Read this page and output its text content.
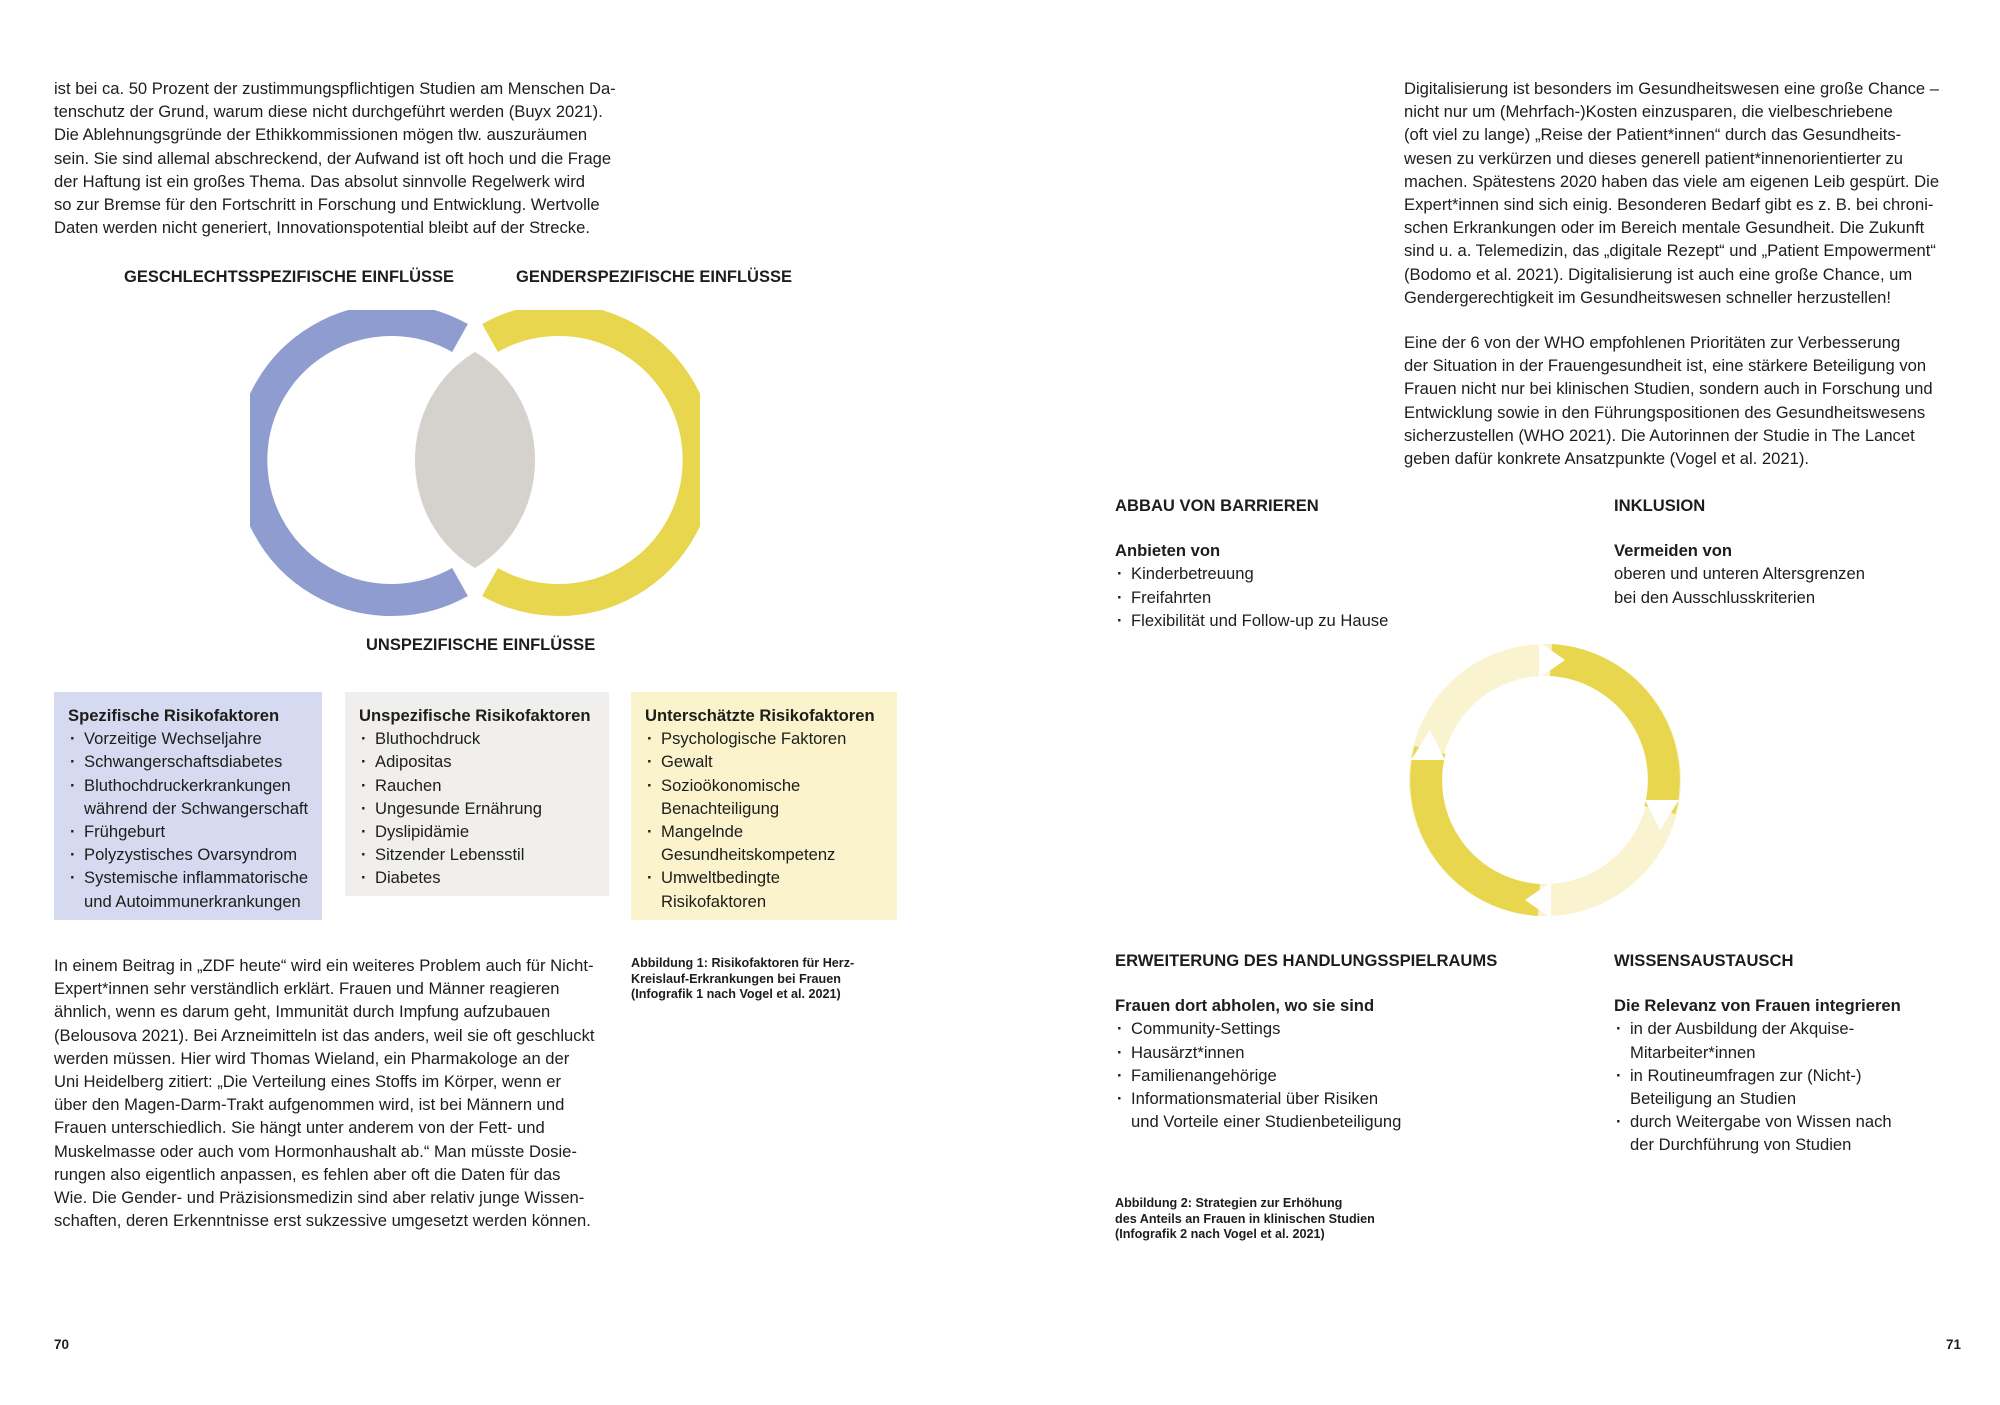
ist bei ca. 50 Prozent der zustimmungspflichtigen Studien am Menschen Da-
tenschutz der Grund, warum diese nicht durchgeführt werden (Buyx 2021).
Die Ablehnungsgründe der Ethikkommissionen mögen tlw. auszuräumen
sein. Sie sind allemal abschreckend, der Aufwand ist oft hoch und die Frage
der Haftung ist ein großes Thema. Das absolut sinnvolle Regelwerk wird
so zur Bremse für den Fortschritt in Forschung und Entwicklung. Wertvolle
Daten werden nicht generiert, Innovationspotential bleibt auf der Strecke.
GESCHLECHTSSPEZIFISCHE EINFLÜSSE	GENDERSPEZIFISCHE EINFLÜSSE
UNSPEZIFISCHE EINFLÜSSE
Spezifische Risikofaktoren
· Vorzeitige Wechseljahre
· Schwangerschaftsdiabetes
· Bluthochdruckerkrankungen
während der Schwangerschaft
· Frühgeburt
· Polyzystisches Ovarsyndrom
· Systemische inflammatorische
und Autoimmunerkrankungen
Unspezifische Risikofaktoren
· Bluthochdruck
· Adipositas
· Rauchen
· Ungesunde Ernährung
· Dyslipidämie
· Sitzender Lebensstil
· Diabetes
Unterschätzte Risikofaktoren
· Psychologische Faktoren
· Gewalt
· Sozioökonomische
Benachteiligung
· Mangelnde
Gesundheitskompetenz
· Umweltbedingte
Risikofaktoren
In einem Beitrag in „ZDF heute“ wird ein weiteres Problem auch für Nicht-
Expert*innen sehr verständlich erklärt. Frauen und Männer reagieren
ähnlich, wenn es darum geht, Immunität durch Impfung aufzubauen
(Belousova 2021). Bei Arzneimitteln ist das anders, weil sie oft geschluckt
werden müssen. Hier wird Thomas Wieland, ein Pharmakologe an der
Uni Heidelberg zitiert: „Die Verteilung eines Stoffs im Körper, wenn er
über den Magen-Darm-Trakt aufgenommen wird, ist bei Männern und
Frauen unterschiedlich. Sie hängt unter anderem von der Fett- und
Muskelmasse oder auch vom Hormonhaushalt ab.“ Man müsste Dosie-
rungen also eigentlich anpassen, es fehlen aber oft die Daten für das
Wie. Die Gender- und Präzisionsmedizin sind aber relativ junge Wissen-
schaften, deren Erkenntnisse erst sukzessive umgesetzt werden können.
Abbildung 1: Risikofaktoren für Herz-
Kreislauf-Erkrankungen bei Frauen
(Infografik 1 nach Vogel et al. 2021)
70
Digitalisierung ist besonders im Gesundheitswesen eine große Chance –
nicht nur um (Mehrfach-)Kosten einzusparen, die vielbeschriebene
(oft viel zu lange) „Reise der Patient*innen“ durch das Gesundheits-
wesen zu verkürzen und dieses generell patient*innenorientierter zu
machen. Spätestens 2020 haben das viele am eigenen Leib gespürt. Die
Expert*innen sind sich einig. Besonderen Bedarf gibt es z. B. bei chroni-
schen Erkrankungen oder im Bereich mentale Gesundheit. Die Zukunft
sind u. a. Telemedizin, das „digitale Rezept“ und „Patient Empowerment“
(Bodomo et al. 2021). Digitalisierung ist auch eine große Chance, um
Gendergerechtigkeit im Gesundheitswesen schneller herzustellen!
Eine der 6 von der WHO empfohlenen Prioritäten zur Verbesserung
der Situation in der Frauengesundheit ist, eine stärkere Beteiligung von
Frauen nicht nur bei klinischen Studien, sondern auch in Forschung und
Entwicklung sowie in den Führungspositionen des Gesundheitswesens
sicherzustellen (WHO 2021). Die Autorinnen der Studie in The Lancet
geben dafür konkrete Ansatzpunkte (Vogel et al. 2021).
ABBAU VON BARRIEREN
Anbieten von
· Kinderbetreuung
· Freifahrten
· Flexibilität und Follow-up zu Hause
INKLUSION
Vermeiden von
oberen und unteren Altersgrenzen
bei den Ausschlusskriterien
ERWEITERUNG DES HANDLUNGSSPIELRAUMS
Frauen dort abholen, wo sie sind
· Community-Settings
· Hausärzt*innen
· Familienangehörige
· Informationsmaterial über Risiken
und Vorteile einer Studienbeteiligung
WISSENSAUSTAUSCH
Die Relevanz von Frauen integrieren
· in der Ausbildung der Akquise-
Mitarbeiter*innen
· in Routineumfragen zur (Nicht-)
Beteiligung an Studien
· durch Weitergabe von Wissen nach
der Durchführung von Studien
Abbildung 2: Strategien zur Erhöhung
des Anteils an Frauen in klinischen Studien
(Infografik 2 nach Vogel et al. 2021)
71
